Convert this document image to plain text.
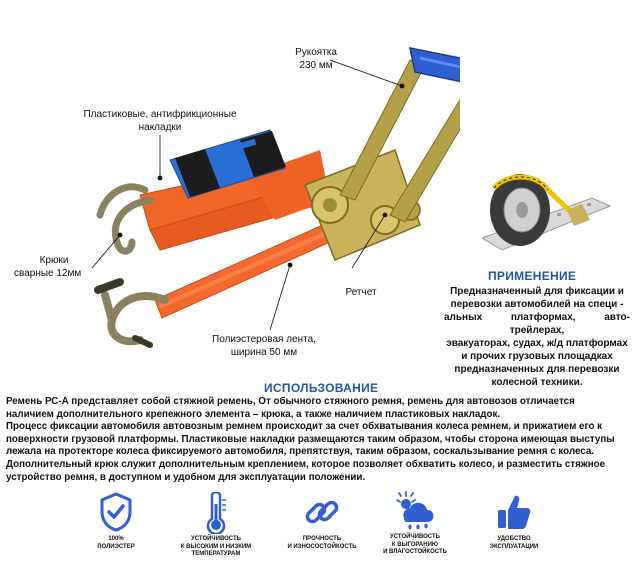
Рукоятка
230 мм
Пластиковые, антифрикционные
накладки
Крюки
сварные 12мм
Ретчет
Полиэстеровая лента,
ширина 50 мм
ПРИМЕНЕНИЕ
Предназначенный для фиксации и
перевозки автомобилей на специ -
альных платформах, авто-трейлерах,
эвакуаторах, судах, ж/д платформах
и прочих грузовых площадках
предназначенных для перевозки
колесной техники.
ИСПОЛЬЗОВАНИЕ
Ремень РС-А представляет собой стяжной ремень, От обычного стяжного ремня, ремень для автовозов отличается
наличием дополнительного крепежного элемента – крюка, а также наличием пластиковых накладок.
Процесс фиксации автомобиля автовозным ремнем происходит за счет обхватывания колеса ремнем, и прижатием его к
поверхности грузовой платформы. Пластиковые накладки размещаются таким образом, чтобы сторона имеющая выступы
лежала на протекторе колеса фиксируемого автомобиля, препятствуя, таким образом, соскальзывание ремня с колеса.
Дополнительный крюк служит дополнительным креплением, которое позволяет обхватить колесо, и разместить стяжное
устройство ремня, в доступном и удобном для эксплуатации положении.
100%
ПОЛИЭСТЕР
УСТОЙЧИВОСТЬ
К ВЫСОКИМ И НИЗКИМ
ТЕМПЕРАТУРАМ
ПРОЧНОСТЬ
И ИЗНОСОСТОЙКОСТЬ
УСТОЙЧИВОСТЬ
К ВЫГОРАНИЮ
И ВЛАГОСТОЙКОСТЬ
УДОБСТВО
ЭКСПЛУАТАЦИИ
